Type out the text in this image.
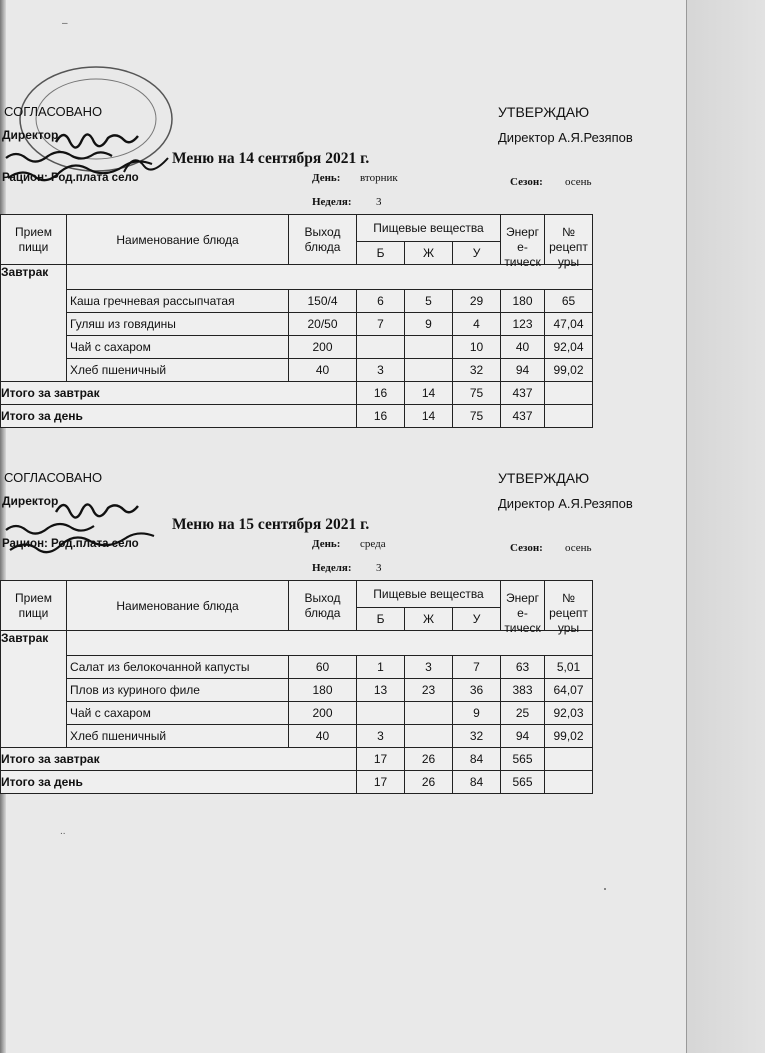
–
..
СОГЛАСОВАНО	УТВЕРЖДАЮ
Директор	Директор А.Я.Резяпов
Меню на 14 сентября 2021 г.
Рацион: Род.плата село	День: вторник	Сезон: осень
Неделя: 3
Прием пищи	Наименование блюда	Выход блюда	Пищевые вещества			Энерг е- тическ	№ рецепт уры

			Б	Ж	У		
Завтрак							
	Каша гречневая рассыпчатая	150/4	6	5	29	180	65
	Гуляш из говядины	20/50	7	9	4	123	47,04
	Чай с сахаром	200			10	40	92,04
	Хлеб пшеничный	40	3		32	94	99,02
Итого за завтрак			16	14	75	437	
Итого за день			16	14	75	437	
СОГЛАСОВАНО	УТВЕРЖДАЮ
Директор	Директор А.Я.Резяпов
Меню на 15 сентября 2021 г.
Рацион: Род.плата село	День: среда	Сезон: осень
Неделя: 3
Прием пищи	Наименование блюда	Выход блюда	Пищевые вещества			Энерг е- тическ	№ рецепт уры

			Б	Ж	У		
Завтрак							
	Салат из белокочанной капусты	60	1	3	7	63	5,01
	Плов из куриного филе	180	13	23	36	383	64,07
	Чай с сахаром	200			9	25	92,03
	Хлеб пшеничный	40	3		32	94	99,02
Итого за завтрак			17	26	84	565	
Итого за день			17	26	84	565	
